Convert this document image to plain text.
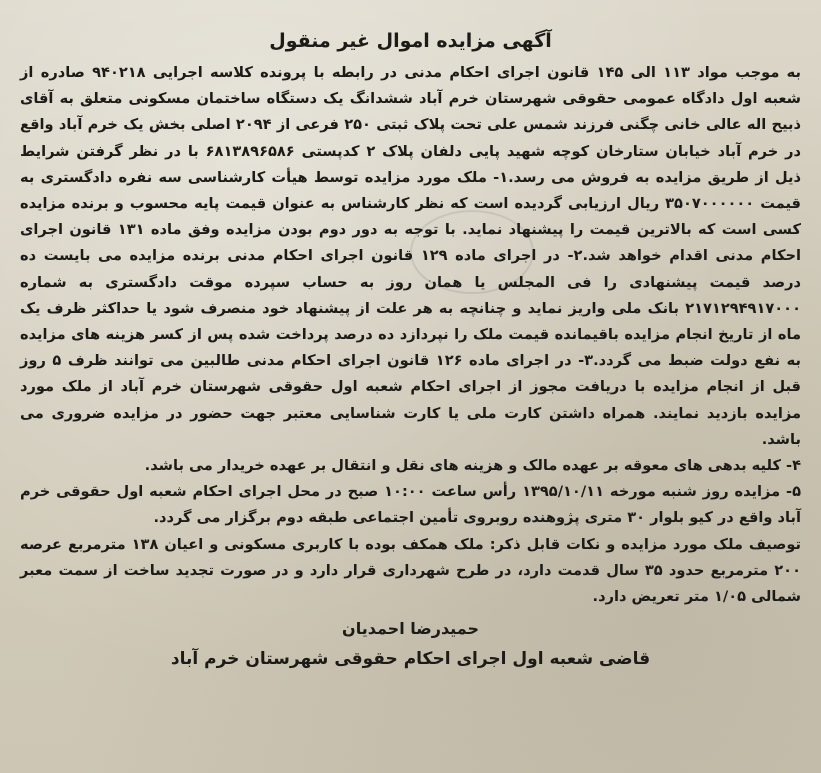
آگهی مزایده اموال غیر منقول

به موجب مواد ۱۱۳ الی ۱۴۵ قانون اجرای احکام مدنی در رابطه با پرونده کلاسه اجرایی ۹۴۰۲۱۸ صادره از شعبه اول دادگاه عمومی حقوقی شهرستان خرم آباد ششدانگ یک دستگاه ساختمان مسکونی متعلق به آقای ذبیح اله عالی خانی چگنی فرزند شمس علی تحت پلاک ثبتی ۲۵۰ فرعی از ۲۰۹۴ اصلی بخش یک خرم آباد واقع در خرم آباد خیابان ستارخان کوچه شهید پایی دلفان پلاک ۲ کدپستی ۶۸۱۳۸۹۶۵۸۶ با در نظر گرفتن شرایط ذیل از طریق مزایده به فروش می رسد.۱- ملک مورد مزایده توسط هیأت کارشناسی سه نفره دادگستری به قیمت ۳۵۰۷۰۰۰۰۰۰ ریال ارزیابی گردیده است که نظر کارشناس به عنوان قیمت پایه محسوب و برنده مزایده کسی است که بالاترین قیمت را پیشنهاد نماید. با توجه به دور دوم بودن مزایده وفق ماده ۱۳۱ قانون اجرای احکام مدنی اقدام خواهد شد.۲- در اجرای ماده ۱۲۹ قانون اجرای احکام مدنی برنده مزایده می بایست ده درصد قیمت پیشنهادی را فی المجلس یا همان روز به حساب سپرده موقت دادگستری به شماره ۲۱۷۱۲۹۴۹۱۷۰۰۰ بانک ملی واریز نماید و چنانچه به هر علت از پیشنهاد خود منصرف شود یا حداکثر ظرف یک ماه از تاریخ انجام مزایده باقیمانده قیمت ملک را نپردازد ده درصد پرداخت شده پس از کسر هزینه های مزایده به نفع دولت ضبط می گردد.۳- در اجرای ماده ۱۲۶ قانون اجرای احکام مدنی طالبین می توانند ظرف ۵ روز قبل از انجام مزایده با دریافت مجوز از اجرای احکام شعبه اول حقوقی شهرستان خرم آباد از ملک مورد مزایده بازدید نمایند. همراه داشتن کارت ملی یا کارت شناسایی معتبر جهت حضور در مزایده ضروری می باشد.

۴- کلیه بدهی های معوقه بر عهده مالک و هزینه های نقل و انتقال بر عهده خریدار می باشد.

۵- مزایده روز شنبه مورخه ۱۳۹۵/۱۰/۱۱ رأس ساعت ۱۰:۰۰ صبح در محل اجرای احکام شعبه اول حقوقی خرم آباد واقع در کیو بلوار ۳۰ متری پژوهنده روبروی تأمین اجتماعی طبقه دوم برگزار می گردد.

توصیف ملک مورد مزایده و نکات قابل ذکر: ملک همکف بوده با کاربری مسکونی و اعیان ۱۳۸ مترمربع عرصه ۲۰۰ مترمربع حدود ۳۵ سال قدمت دارد، در طرح شهرداری قرار دارد و در صورت تجدید ساخت از سمت معبر شمالی ۱/۰۵ متر تعریض دارد.

حمیدرضا احمدیان
قاضی شعبه اول اجرای احکام حقوقی شهرستان خرم آباد
